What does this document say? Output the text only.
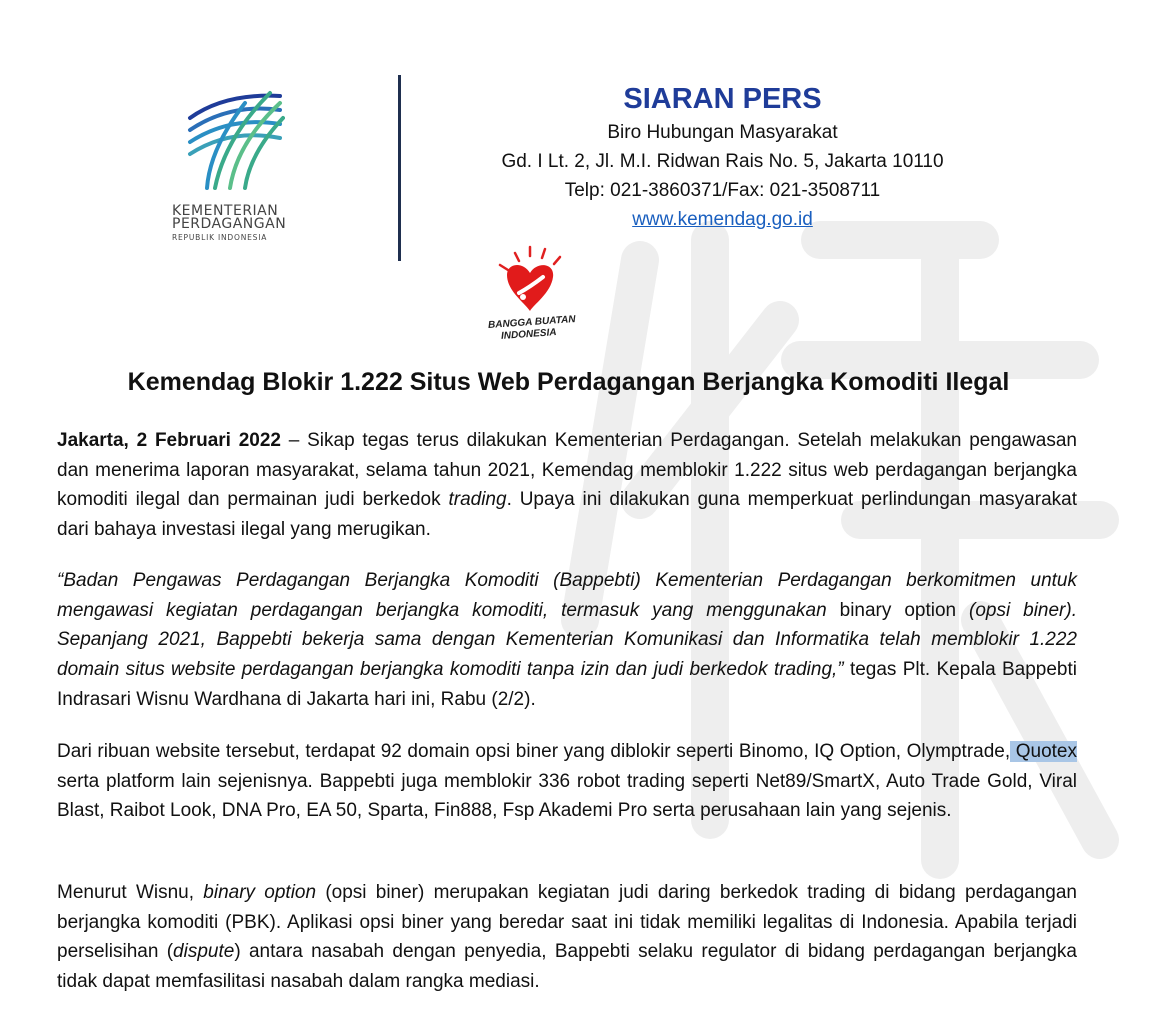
KEMENTERIAN
PERDAGANGAN
REPUBLIK INDONESIA

SIARAN PERS

Biro Hubungan Masyarakat

Gd. I Lt. 2, Jl. M.I. Ridwan Rais No. 5, Jakarta 10110

Telp: 021-3860371/Fax: 021-3508711

www.kemendag.go.id

BANGGA BUATAN
INDONESIA
Kemendag Blokir 1.222 Situs Web Perdagangan Berjangka Komoditi Ilegal

Jakarta, 2 Februari 2022 – Sikap tegas terus dilakukan Kementerian Perdagangan. Setelah melakukan pengawasan dan menerima laporan masyarakat, selama tahun 2021, Kemendag memblokir 1.222 situs web perdagangan berjangka komoditi ilegal dan permainan judi berkedok trading. Upaya ini dilakukan guna memperkuat perlindungan masyarakat dari bahaya investasi ilegal yang merugikan.

“Badan Pengawas Perdagangan Berjangka Komoditi (Bappebti) Kementerian Perdagangan berkomitmen untuk mengawasi kegiatan perdagangan berjangka komoditi, termasuk yang menggunakan binary option (opsi biner). Sepanjang 2021, Bappebti bekerja sama dengan Kementerian Komunikasi dan Informatika telah memblokir 1.222 domain situs website perdagangan berjangka komoditi tanpa izin dan judi berkedok trading,” tegas Plt. Kepala Bappebti Indrasari Wisnu Wardhana di Jakarta hari ini, Rabu (2/2).

Dari ribuan website tersebut, terdapat 92 domain opsi biner yang diblokir seperti Binomo, IQ Option, Olymptrade, Quotex serta platform lain sejenisnya. Bappebti juga memblokir 336 robot trading seperti Net89/SmartX, Auto Trade Gold, Viral Blast, Raibot Look, DNA Pro, EA 50, Sparta, Fin888, Fsp Akademi Pro serta perusahaan lain yang sejenis.

Menurut Wisnu, binary option (opsi biner) merupakan kegiatan judi daring berkedok trading di bidang perdagangan berjangka komoditi (PBK). Aplikasi opsi biner yang beredar saat ini tidak memiliki legalitas di Indonesia. Apabila terjadi perselisihan (dispute) antara nasabah dengan penyedia, Bappebti selaku regulator di bidang perdagangan berjangka tidak dapat memfasilitasi nasabah dalam rangka mediasi.
